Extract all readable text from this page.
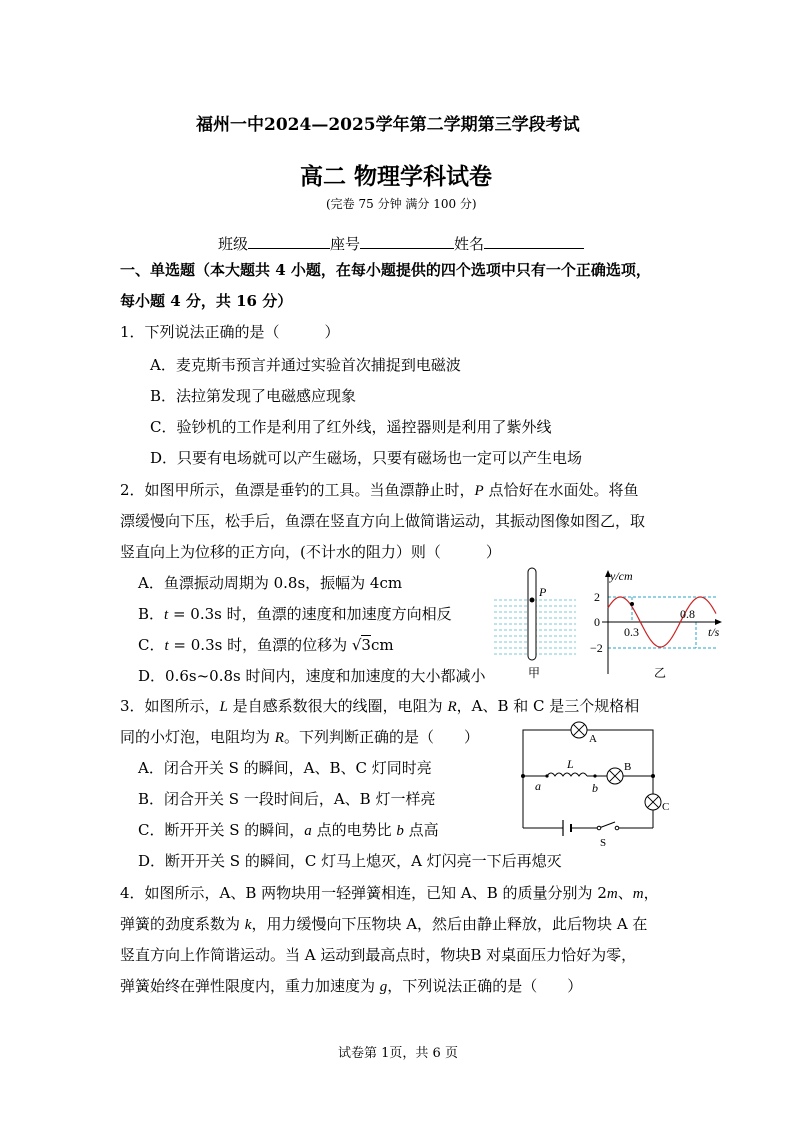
福州一中2024—2025学年第二学期第三学段考试
高二 物理学科试卷
(完卷 75 分钟 满分 100 分)
班级	座号	姓名
一、单选题（本大题共 4 小题，在每小题提供的四个选项中只有一个正确选项，
每小题 4 分，共 16 分）
1．下列说法正确的是（　　　）
A．麦克斯韦预言并通过实验首次捕捉到电磁波
B．法拉第发现了电磁感应现象
C．验钞机的工作是利用了红外线，遥控器则是利用了紫外线
D．只要有电场就可以产生磁场，只要有磁场也一定可以产生电场
2．如图甲所示，鱼漂是垂钓的工具。当鱼漂静止时，P 点恰好在水面处。将鱼
漂缓慢向下压，松手后，鱼漂在竖直方向上做简谐运动，其振动图像如图乙，取
竖直向上为位移的正方向，(不计水的阻力）则（　　　）
A．鱼漂振动周期为 0.8s，振幅为 4cm
B．t = 0.3s 时，鱼漂的速度和加速度方向相反
C．t = 0.3s 时，鱼漂的位移为 √3cm
D．0.6s~0.8s 时间内，速度和加速度的大小都减小
P
甲
y/cm
t/s
2
−2
0
0.3
0.8
乙
3．如图所示，L 是自感系数很大的线圈，电阻为 R，A、B 和 C 是三个规格相
同的小灯泡，电阻均为 R。下列判断正确的是（　　）
A．闭合开关 S 的瞬间，A、B、C 灯同时亮
B．闭合开关 S 一段时间后，A、B 灯一样亮
C．断开开关 S 的瞬间，a 点的电势比 b 点高
D．断开开关 S 的瞬间，C 灯马上熄灭，A 灯闪亮一下后再熄灭
A
B
C
L
a	b
S
4．如图所示，A、B 两物块用一轻弹簧相连，已知 A、B 的质量分别为 2m、m，
弹簧的劲度系数为 k，用力缓慢向下压物块 A，然后由静止释放，此后物块 A 在
竖直方向上作简谐运动。当 A 运动到最高点时，物块B 对桌面压力恰好为零，
弹簧始终在弹性限度内，重力加速度为 g，下列说法正确的是（　　）
试卷第 1页，共 6 页
